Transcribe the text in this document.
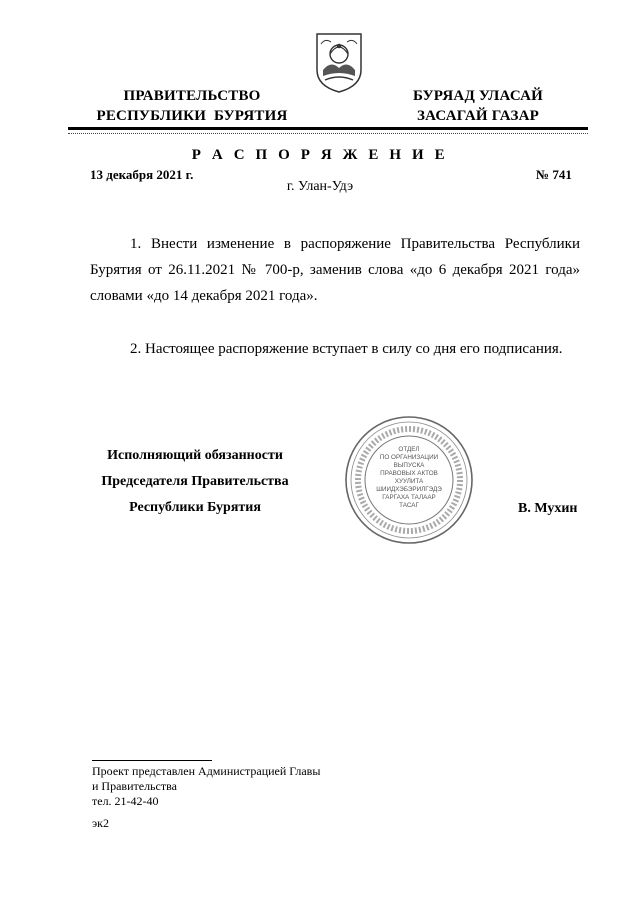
ПРАВИТЕЛЬСТВО
РЕСПУБЛИКИ  БУРЯТИЯ
БУРЯАД УЛАСАЙ
ЗАСАГАЙ ГАЗАР
Р А С П О Р Я Ж Е Н И Е
13 декабря 2021 г.	№ 741
г. Улан-Удэ
1. Внести изменение в распоряжение Правительства Республики Бурятия от 26.11.2021 № 700-р, заменив слова «до 6 декабря 2021 года» словами «до 14 декабря 2021 года».
2. Настоящее распоряжение вступает в силу со дня его подписания.
Исполняющий обязанности
Председателя Правительства
Республики Бурятия
ОТДЕЛ
ПО ОРГАНИЗАЦИИ
ВЫПУСКА
ПРАВОВЫХ АКТОВ
ХУУЛИТА
ШИИДХЭБЭРИЛГЭДЭ
ГАРГАХА ТАЛААР
ТАСАГ	В. Мухин
Проект представлен Администрацией Главы
и Правительства
тел. 21-42-40
эк2
